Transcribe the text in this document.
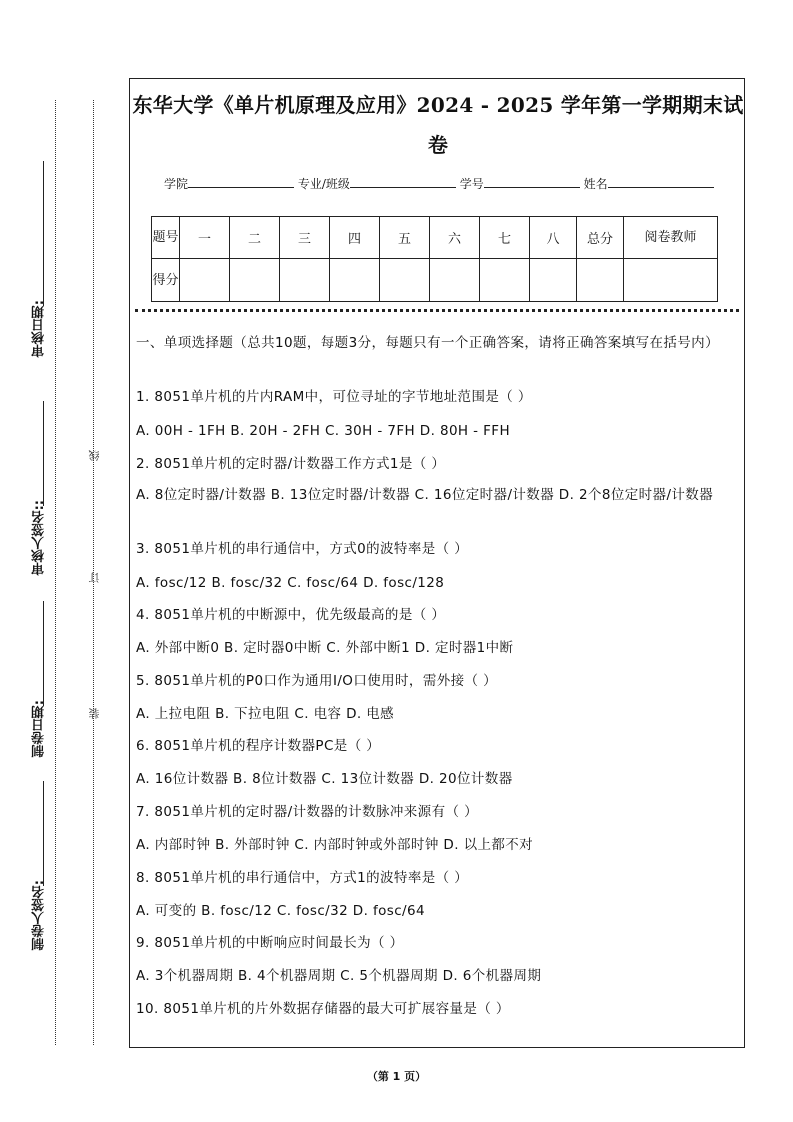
制卷人签名:
制卷日期:
审核人签名::
审核日期:
装
订
线
东华大学《单片机原理及应用》2024 - 2025 学年第一学期期末试
卷
学院	专业/班级	学号	姓名
题号	一	二	三	四	五	六	七	八	总分	阅卷教师
得分										
一、单项选择题（总共10题，每题3分，每题只有一个正确答案，请将正确答案填写在括号内）
1. 8051单片机的片内RAM中，可位寻址的字节地址范围是（ ）
A. 00H - 1FH B. 20H - 2FH C. 30H - 7FH D. 80H - FFH
2. 8051单片机的定时器/计数器工作方式1是（ ）
A. 8位定时器/计数器 B. 13位定时器/计数器 C. 16位定时器/计数器 D. 2个8位定时器/计数器
3. 8051单片机的串行通信中，方式0的波特率是（ ）
A. fosc/12 B. fosc/32 C. fosc/64 D. fosc/128
4. 8051单片机的中断源中，优先级最高的是（ ）
A. 外部中断0 B. 定时器0中断 C. 外部中断1 D. 定时器1中断
5. 8051单片机的P0口作为通用I/O口使用时，需外接（ ）
A. 上拉电阻 B. 下拉电阻 C. 电容 D. 电感
6. 8051单片机的程序计数器PC是（ ）
A. 16位计数器 B. 8位计数器 C. 13位计数器 D. 20位计数器
7. 8051单片机的定时器/计数器的计数脉冲来源有（ ）
A. 内部时钟 B. 外部时钟 C. 内部时钟或外部时钟 D. 以上都不对
8. 8051单片机的串行通信中，方式1的波特率是（ ）
A. 可变的 B. fosc/12 C. fosc/32 D. fosc/64
9. 8051单片机的中断响应时间最长为（ ）
A. 3个机器周期 B. 4个机器周期 C. 5个机器周期 D. 6个机器周期
10. 8051单片机的片外数据存储器的最大可扩展容量是（ ）
（第 1 页）
